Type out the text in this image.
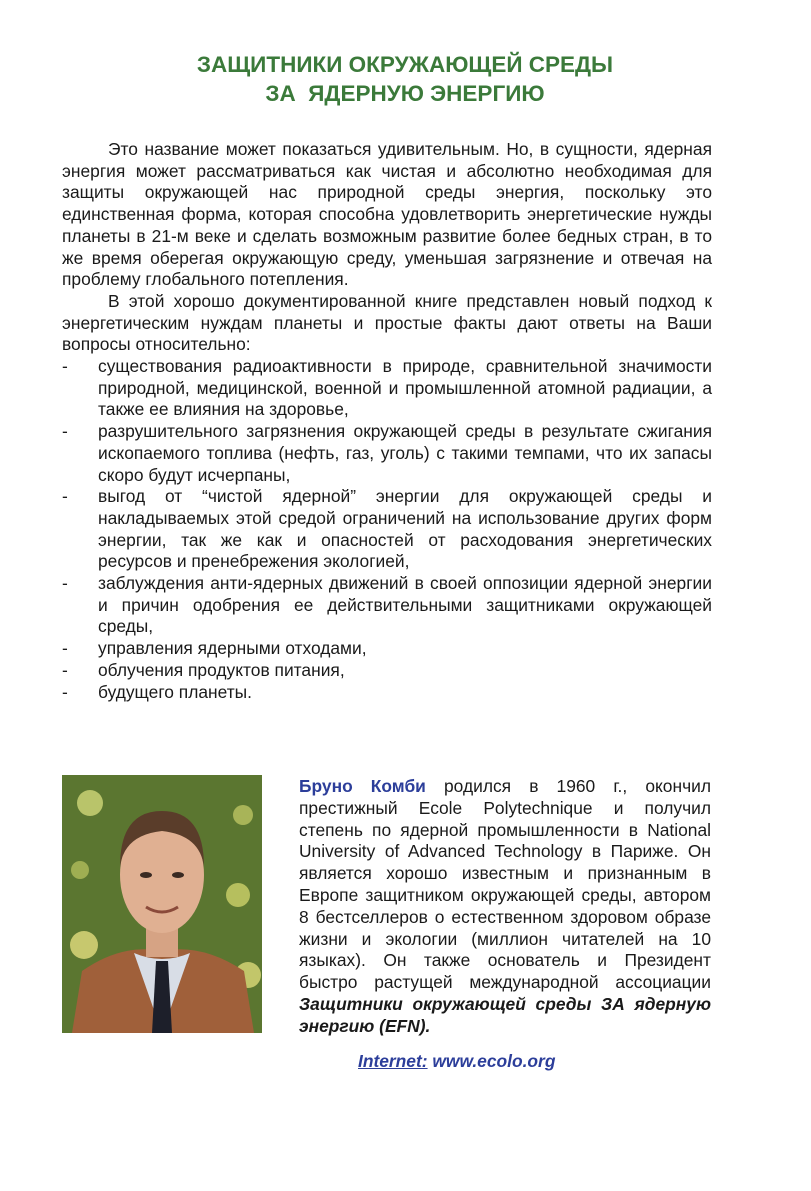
ЗАЩИТНИКИ ОКРУЖАЮЩЕЙ СРЕДЫ
ЗА  ЯДЕРНУЮ ЭНЕРГИЮ

Это название может показаться удивительным. Но, в сущности, ядерная энергия может рассматриваться как чистая и абсолютно необходимая для защиты окружающей нас природной среды энергия, поскольку это единственная форма, которая способна удовлетворить энергетические нужды планеты в 21-м веке и сделать возможным развитие более бедных стран, в то же время оберегая окружающую среду, уменьшая загрязнение и отвечая на проблему глобального потепления.

В этой хорошо документированной книге представлен новый подход к энергетическим нуждам планеты и простые факты дают ответы на Ваши вопросы относительно:

- существования радиоактивности в природе, сравнительной значимости природной, медицинской, военной и промышленной атомной радиации, а также ее влияния на здоровье,
- разрушительного загрязнения окружающей среды в результате сжигания ископаемого топлива (нефть, газ, уголь) с такими темпами, что их запасы скоро будут исчерпаны,
- выгод от “чистой ядерной” энергии для окружающей среды и накладываемых этой средой ограничений на использование других форм энергии, так же как и опасностей от расходования энергетических ресурсов и пренебрежения экологией,
- заблуждения анти-ядерных движений в своей оппозиции ядерной энергии и причин одобрения ее действительными защитниками окружающей среды,
- управления ядерными отходами,
- облучения продуктов питания,
- будущего планеты.
Бруно Комби родился в 1960 г., окончил престижный Ecole Polytechnique и получил степень по ядерной промышленности в National University of Advanced Technology в Париже. Он является хорошо известным и признанным в Европе защитником окружающей среды, автором 8 бестселлеров о естественном здоровом образе жизни и экологии (миллион читателей на 10 языках). Он также основатель и Президент быстро растущей международной ассоциации Защитники окружающей среды ЗА ядерную энергию (EFN).
Internet: www.ecolo.org
